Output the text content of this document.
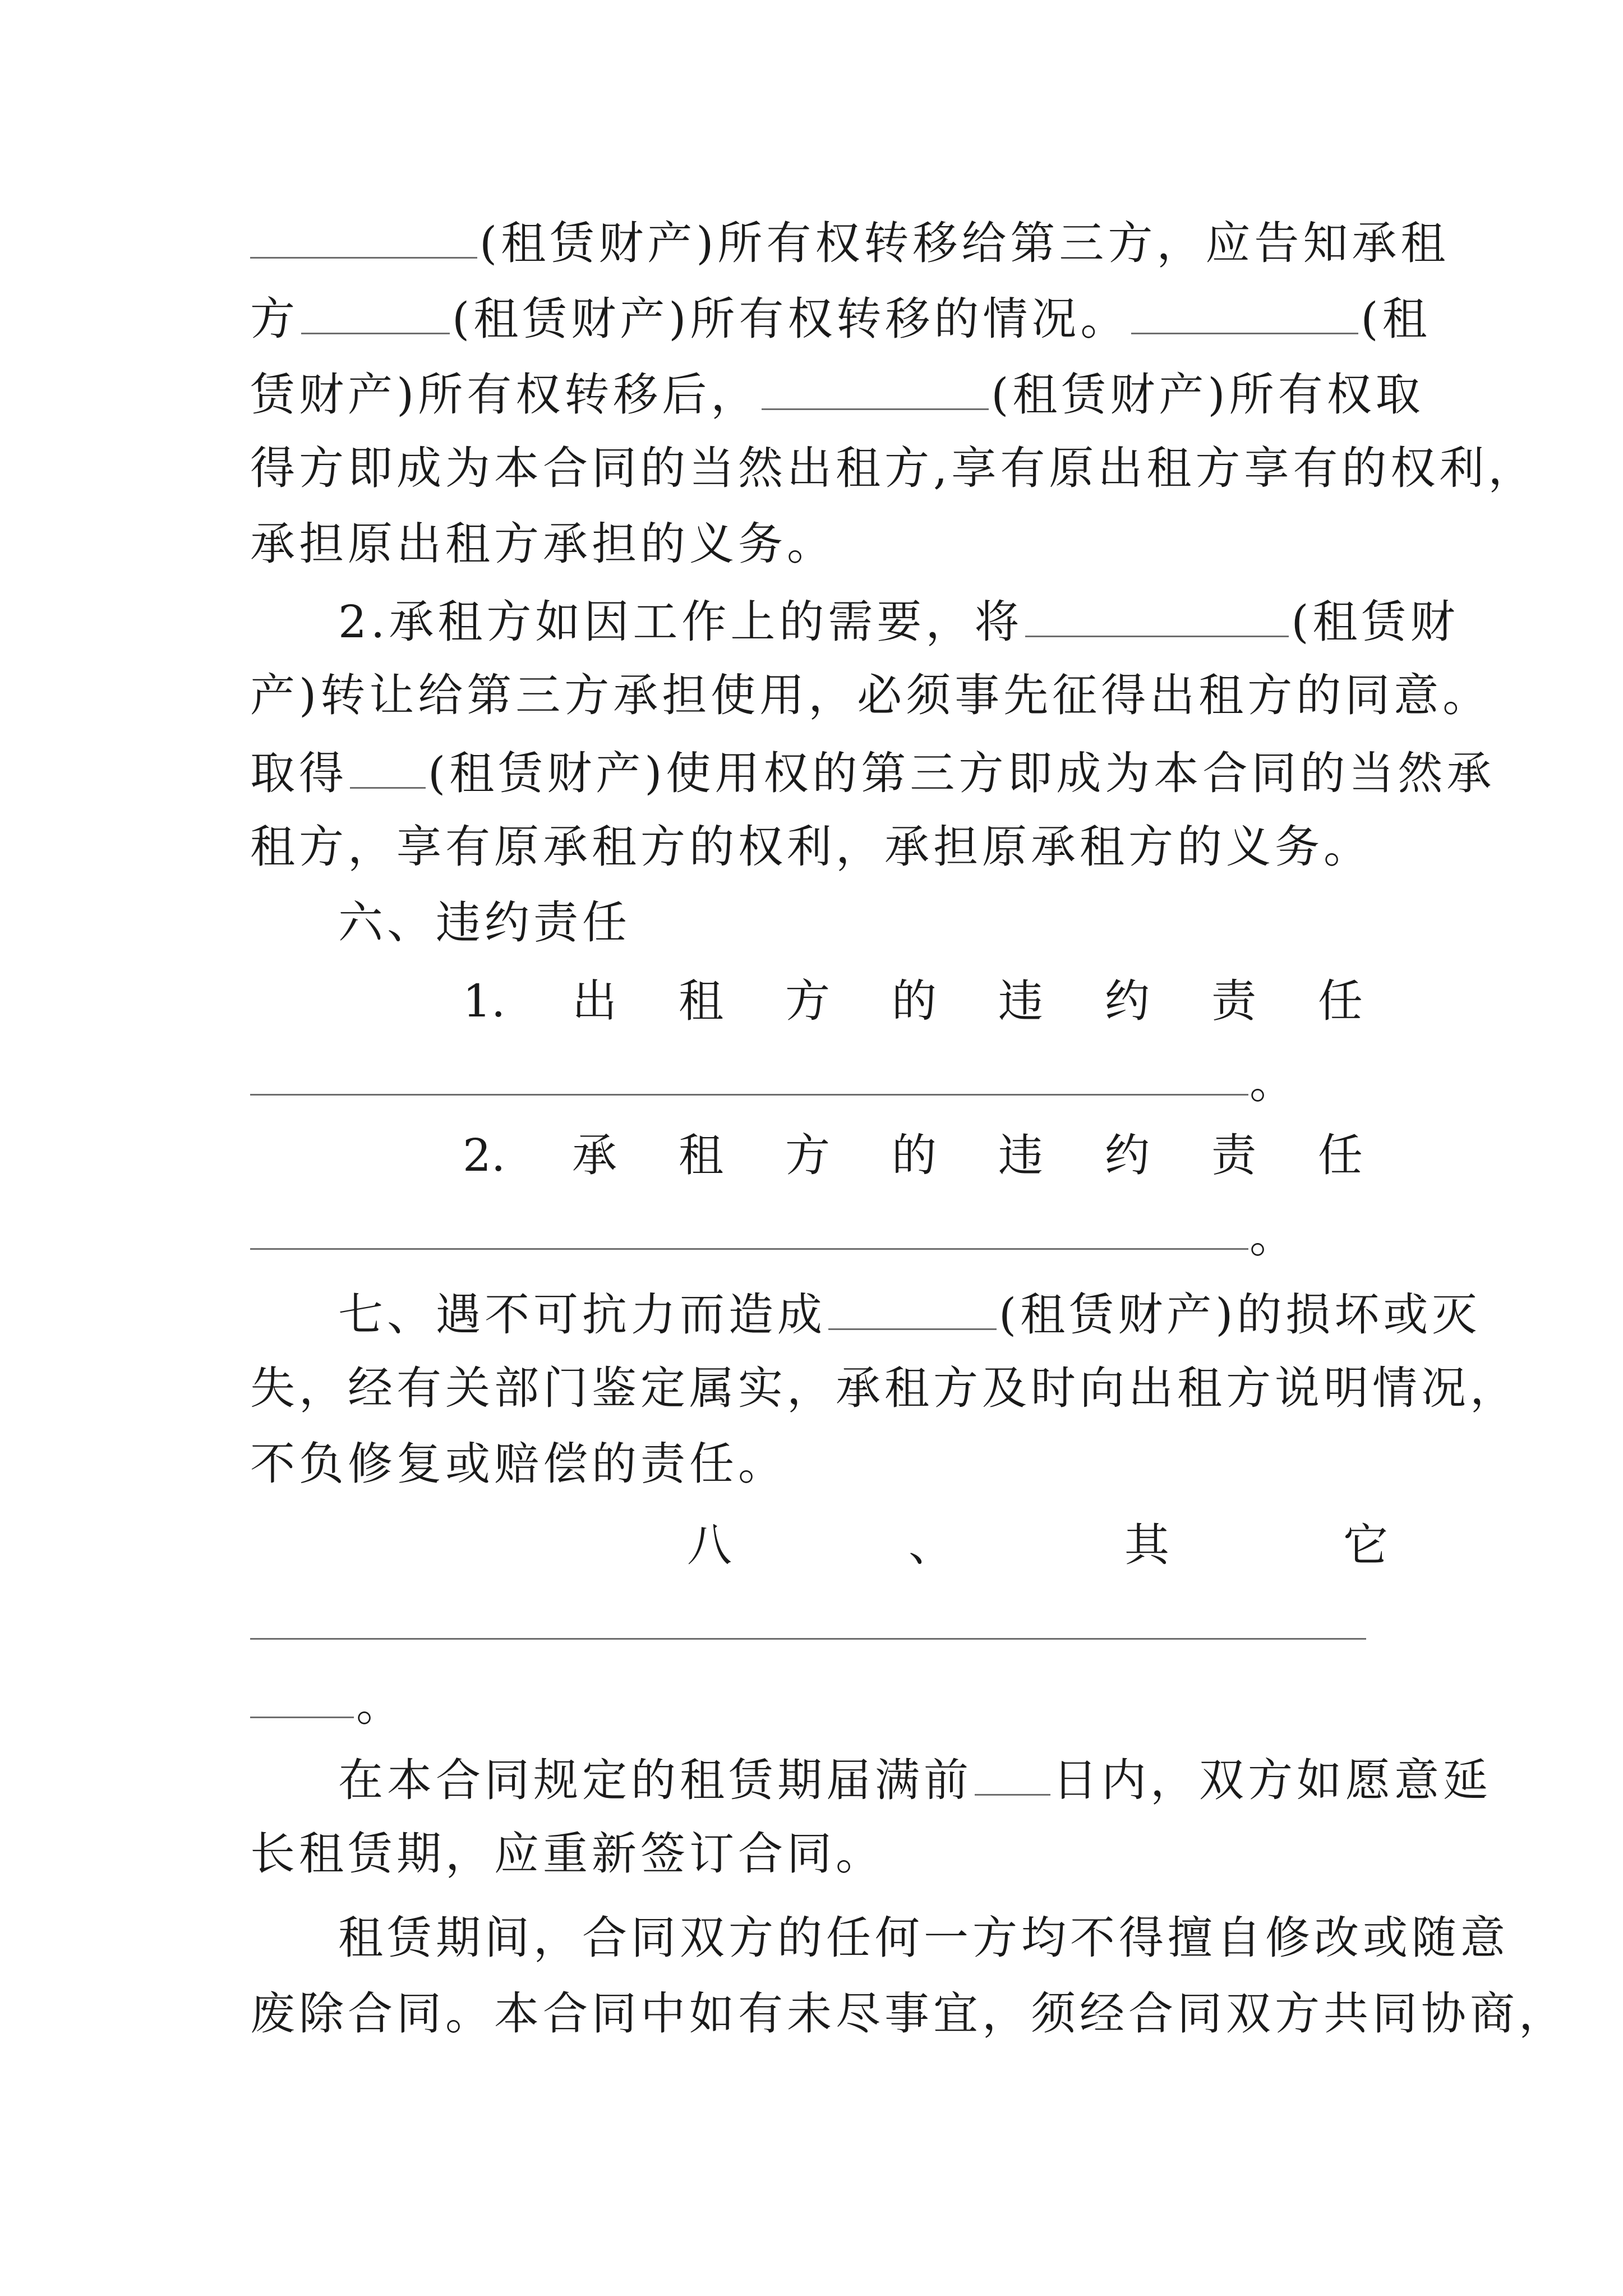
(租赁财产)所有权转移给第三方，应告知承租
方	(租赁财产)所有权转移的情况。	(租
赁财产)所有权转移后，	(租赁财产)所有权取
得方即成为本合同的当然出租方,享有原出租方享有的权利，
承担原出租方承担的义务。
2.承租方如因工作上的需要，将	(租赁财
产)转让给第三方承担使用，必须事先征得出租方的同意。
取得 (租赁财产)使用权的第三方即成为本合同的当然承
租方，享有原承租方的权利，承担原承租方的义务。
六、违约责任
1. 出 租 方 的 违 约 责 任
。
2. 承 租 方 的 违 约 责 任
。
七、遇不可抗力而造成	(租赁财产)的损坏或灭
失，经有关部门鉴定属实，承租方及时向出租方说明情况，
不负修复或赔偿的责任。
八	、	其	它
。
在本合同规定的租赁期届满前 日内，双方如愿意延
长租赁期，应重新签订合同。
租赁期间，合同双方的任何一方均不得擅自修改或随意
废除合同。本合同中如有未尽事宜，须经合同双方共同协商，
